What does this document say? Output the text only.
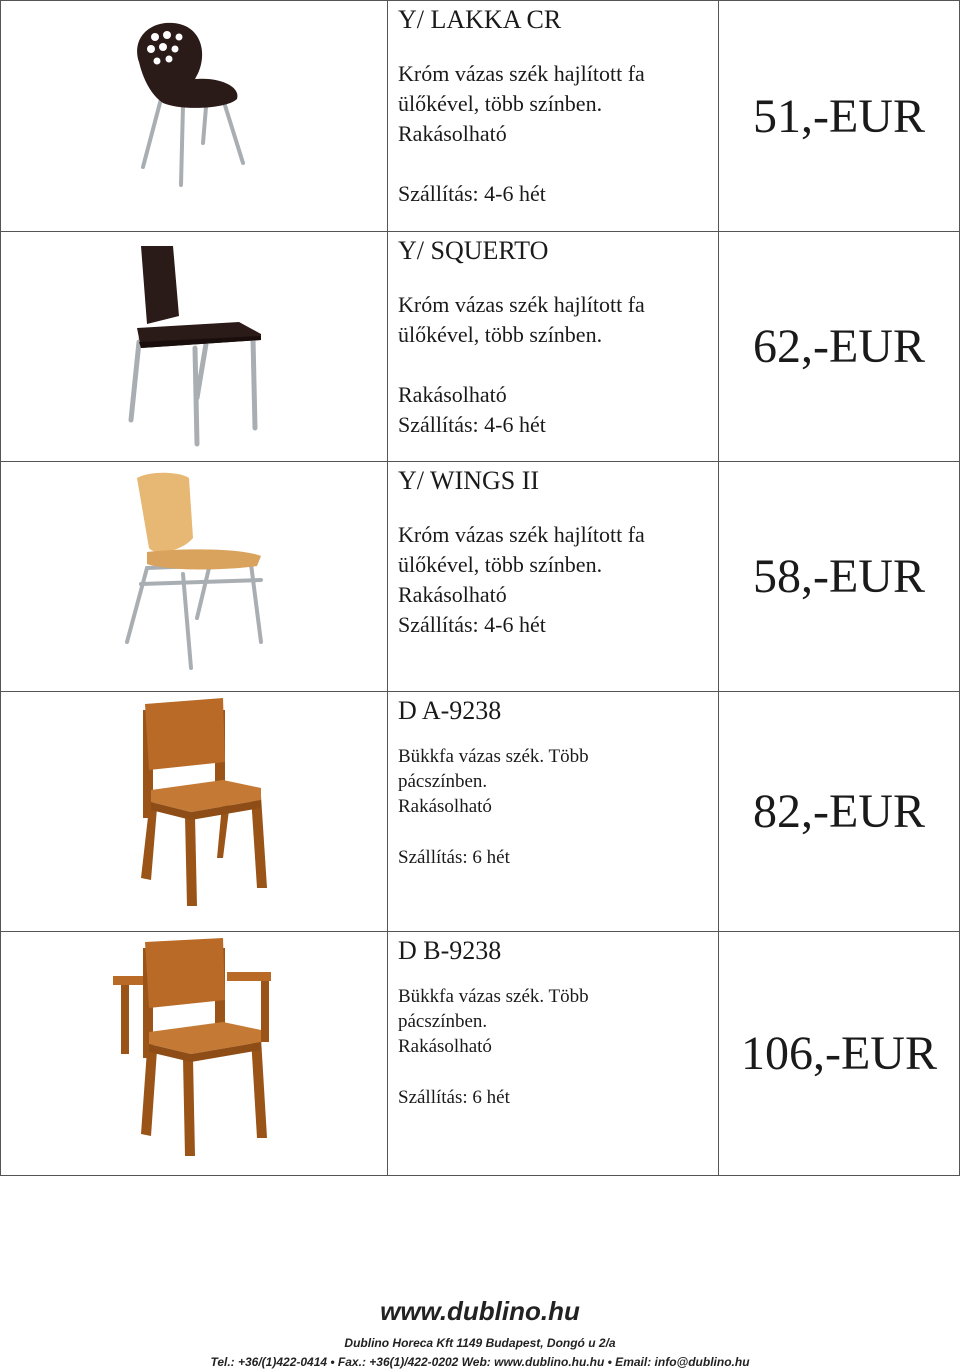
Y/ LAKKA CR
Króm vázas szék hajlított fa
ülőkével, több színben.
Rakásolható
Szállítás: 4-6 hét	51,-EUR

Y/ SQUERTO
Króm vázas szék hajlított fa
ülőkével, több színben.
Rakásolható
Szállítás: 4-6 hét	62,-EUR

Y/ WINGS II
Króm vázas szék hajlított fa
ülőkével, több színben.
Rakásolható
Szállítás: 4-6 hét	58,-EUR

D A-9238
Bükkfa vázas szék. Több
pácszínben.
Rakásolható
Szállítás: 6 hét	82,-EUR

D B-9238
Bükkfa vázas szék. Több
pácszínben.
Rakásolható
Szállítás: 6 hét	106,-EUR
www.dublino.hu
Dublino Horeca Kft 1149 Budapest, Dongó u 2/a
Tel.: +36/(1)422-0414 • Fax.: +36(1)/422-0202 Web: www.dublino.hu.hu • Email: info@dublino.hu
